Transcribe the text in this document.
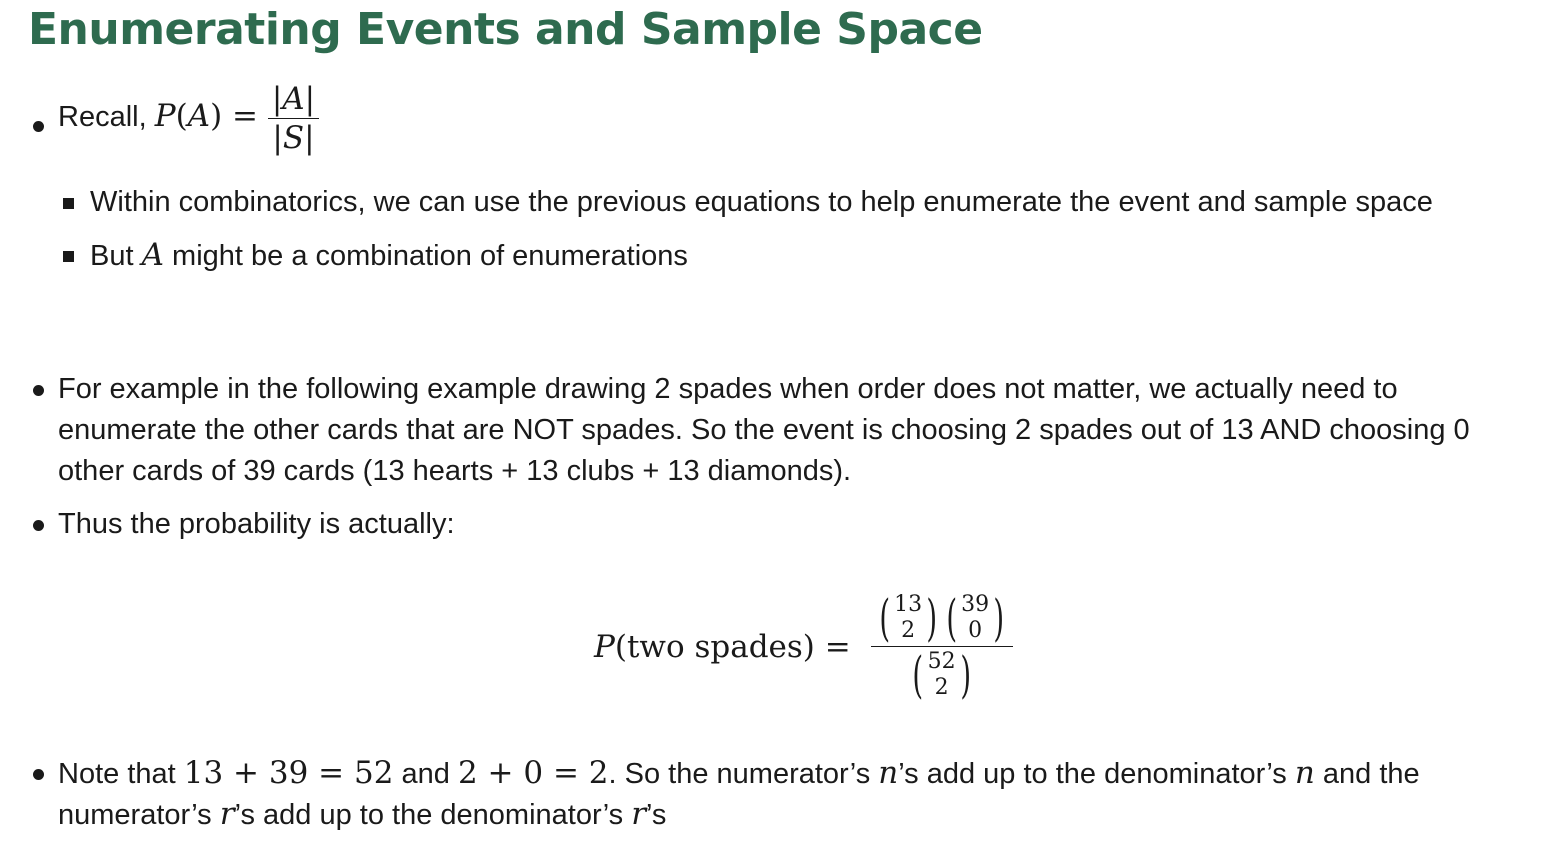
Enumerating Events and Sample Space
Recall, $P(A) = \frac{|A|}{|S|}$
Within combinatorics, we can use the previous equations to help enumerate the event and sample space
But A might be a combination of enumerations
For example in the following example drawing 2 spades when order does not matter, we actually need to
enumerate the other cards that are NOT spades. So the event is choosing 2 spades out of 13 AND choosing 0
other cards of 39 cards (13 hearts + 13 clubs + 13 diamonds).
Thus the probability is actually:
P (two spades) = ( 13
2 ) ( 39
0 )
( 52
2 )
Note that 13 + 39 = 52 and 2 + 0 = 2. So the numerator’s n’s add up to the denominator’s n and the
numerator’s r’s add up to the denominator’s r’s
